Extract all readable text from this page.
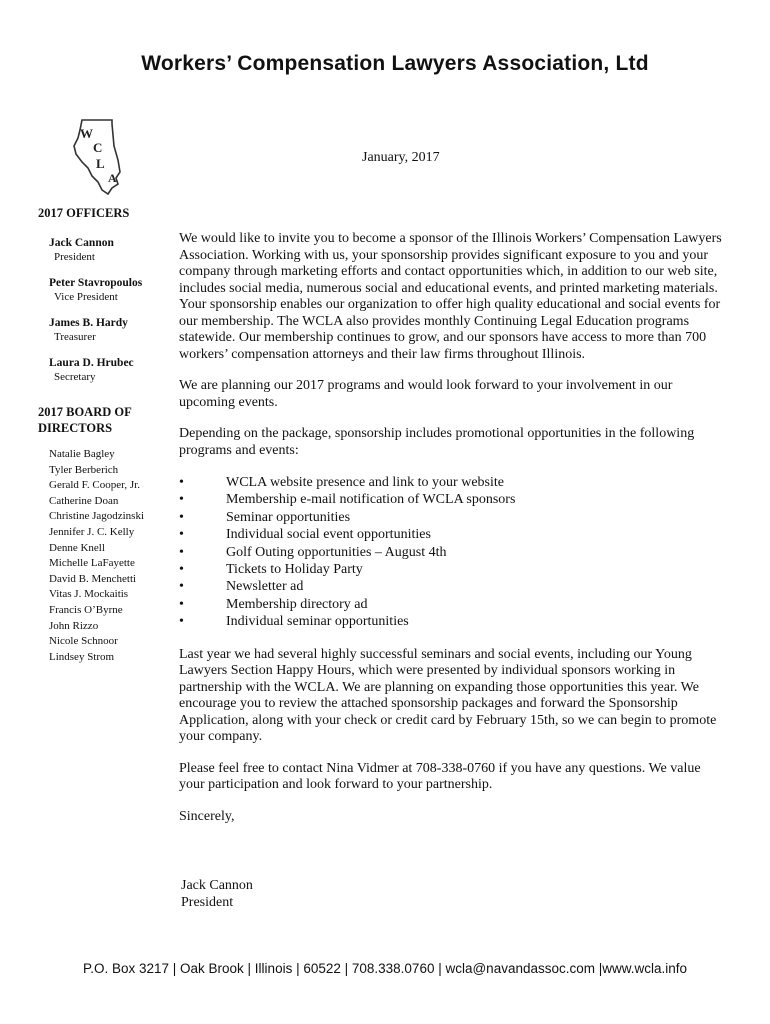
Workers’ Compensation Lawyers Association, Ltd
W
C
L
A
January, 2017
2017 OFFICERS
Jack Cannon
President
Peter Stavropoulos
Vice President
James B. Hardy
Treasurer
Laura D. Hrubec
Secretary
2017 BOARD OF
DIRECTORS
Natalie Bagley
Tyler Berberich
Gerald F. Cooper, Jr.
Catherine Doan
Christine Jagodzinski
Jennifer J. C. Kelly
Denne Knell
Michelle LaFayette
David B. Menchetti
Vitas J. Mockaitis
Francis O’Byrne
John Rizzo
Nicole Schnoor
Lindsey Strom

We would like to invite you to become a sponsor of the Illinois Workers’ Compensation Lawyers Association. Working with us, your sponsorship provides significant exposure to you and your company through marketing efforts and contact opportunities which, in addition to our web site, includes social media, numerous social and educational events, and printed marketing materials. Your sponsorship enables our organization to offer high quality educational and social events for our membership. The WCLA also provides monthly Continuing Legal Education programs statewide. Our membership continues to grow, and our sponsors have access to more than 700 workers’ compensation attorneys and their law firms throughout Illinois.

We are planning our 2017 programs and would look forward to your involvement in our upcoming events.

Depending on the package, sponsorship includes promotional opportunities in the following programs and events:

•	WCLA website presence and link to your website
•	Membership e-mail notification of WCLA sponsors
•	Seminar opportunities
•	Individual social event opportunities
•	Golf Outing opportunities – August 4th
•	Tickets to Holiday Party
•	Newsletter ad
•	Membership directory ad
•	Individual seminar opportunities

Last year we had several highly successful seminars and social events, including our Young Lawyers Section Happy Hours, which were presented by individual sponsors working in partnership with the WCLA. We are planning on expanding those opportunities this year. We encourage you to review the attached sponsorship packages and forward the Sponsorship Application, along with your check or credit card by February 15th, so we can begin to promote your company.

Please feel free to contact Nina Vidmer at 708-338-0760 if you have any questions. We value your participation and look forward to your partnership.

Sincerely,

Jack Cannon
President
P.O. Box 3217 | Oak Brook | Illinois | 60522 | 708.338.0760 | wcla@navandassoc.com |www.wcla.info
